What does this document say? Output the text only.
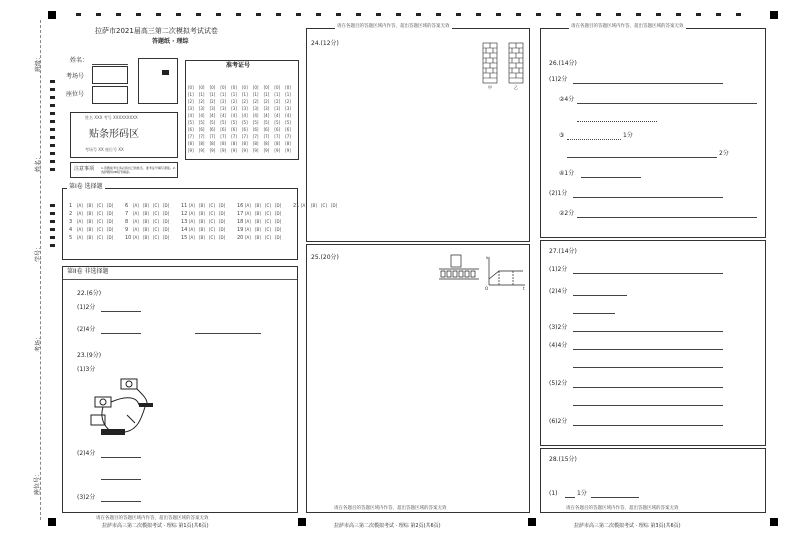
班级：
姓名：
学号：
考场：
座位号：
拉萨市2021届高三第二次模拟考试试卷
答题纸 · 理综
姓名：
考场号
座位号
准考证号
[0] [0] [0] [0] [0] [0] [0] [0] [0] [0]
[1] [1] [1] [1] [1] [1] [1] [1] [1] [1]
[2] [2] [2] [2] [2] [2] [2] [2] [2] [2]
[3] [3] [3] [3] [3] [3] [3] [3] [3] [3]
[4] [4] [4] [4] [4] [4] [4] [4] [4] [4]
[5] [5] [5] [5] [5] [5] [5] [5] [5] [5]
[6] [6] [6] [6] [6] [6] [6] [6] [6] [6]
[7] [7] [7] [7] [7] [7] [7] [7] [7] [7]
[8] [8] [8] [8] [8] [8] [8] [8] [8] [8]
[9] [9] [9] [9] [9] [9] [9] [9] [9] [9]
姓名 XXX 考号 XXXXXXXXX
贴条形码区
考场号 XX 座位号 XX
注意事项 1.答题前考生务必将自己的姓名、准考证号填写清楚。2.选择题用2B铅笔填涂。
第I卷 选择题
1 [A] [B] [C] [D]
2 [A] [B] [C] [D]
3 [A] [B] [C] [D]
4 [A] [B] [C] [D]
5 [A] [B] [C] [D]
6 [A] [B] [C] [D]
7 [A] [B] [C] [D]
8 [A] [B] [C] [D]
9 [A] [B] [C] [D]
10 [A] [B] [C] [D]
11 [A] [B] [C] [D]
12 [A] [B] [C] [D]
13 [A] [B] [C] [D]
14 [A] [B] [C] [D]
15 [A] [B] [C] [D]
16 [A] [B] [C] [D]
17 [A] [B] [C] [D]
18 [A] [B] [C] [D]
19 [A] [B] [C] [D]
20 [A] [B] [C] [D]
21 [A] [B] [C] [D]
第II卷 非选择题
22.(6分)
(1)2分
(2)4分
23.(9分)
(1)3分
(2)4分
(3)2分
请在各题目的答题区域内作答，超出答题区域的答案无效
拉萨市高三第二次模拟考试 · 理综 第1页(共6页)
请在各题目的答题区域内作答，超出答题区域的答案无效
24.(12分)
甲	乙
25.(20分)	v
O	t
请在各题目的答题区域内作答，超出答题区域的答案无效
拉萨市高三第二次模拟考试 · 理综 第2页(共6页)
请在各题目的答题区域内作答，超出答题区域的答案无效
26.(14分)
(1)2分
②4分
③	1分
2分
④1分
(2)1分
②2分
27.(14分)
(1)2分
(2)4分
(3)2分
(4)4分
(5)2分
(6)2分
28.(15分)
(1)	1分
请在各题目的答题区域内作答，超出答题区域的答案无效
拉萨市高三第二次模拟考试 · 理综 第3页(共6页)
